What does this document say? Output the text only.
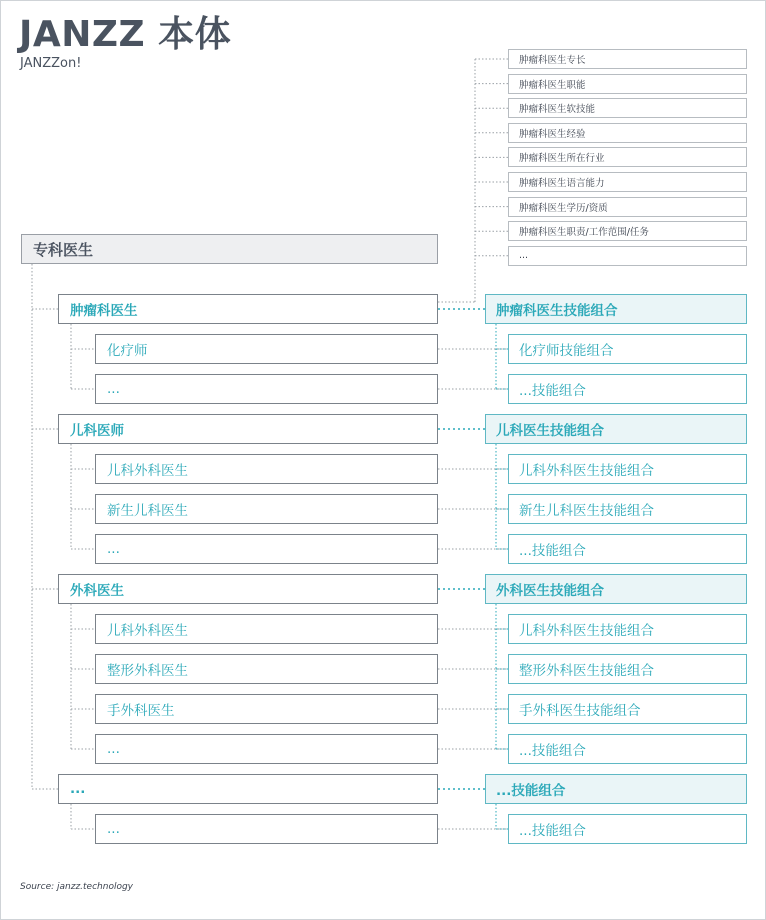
JANZZ 本体
JANZZon!
专科医生
肿瘤科医生专长
肿瘤科医生职能
肿瘤科医生软技能
肿瘤科医生经验
肿瘤科医生所在行业
肿瘤科医生语言能力
肿瘤科医生学历/资质
肿瘤科医生职责/工作范围/任务
...
肿瘤科医生	肿瘤科医生技能组合
化疗师	化疗师技能组合
...	...技能组合
儿科医师	儿科医生技能组合
儿科外科医生	儿科外科医生技能组合
新生儿科医生	新生儿科医生技能组合
...	...技能组合
外科医生	外科医生技能组合
儿科外科医生	儿科外科医生技能组合
整形外科医生	整形外科医生技能组合
手外科医生	手外科医生技能组合
...	...技能组合
...	...技能组合
...	...技能组合
Source: janzz.technology
